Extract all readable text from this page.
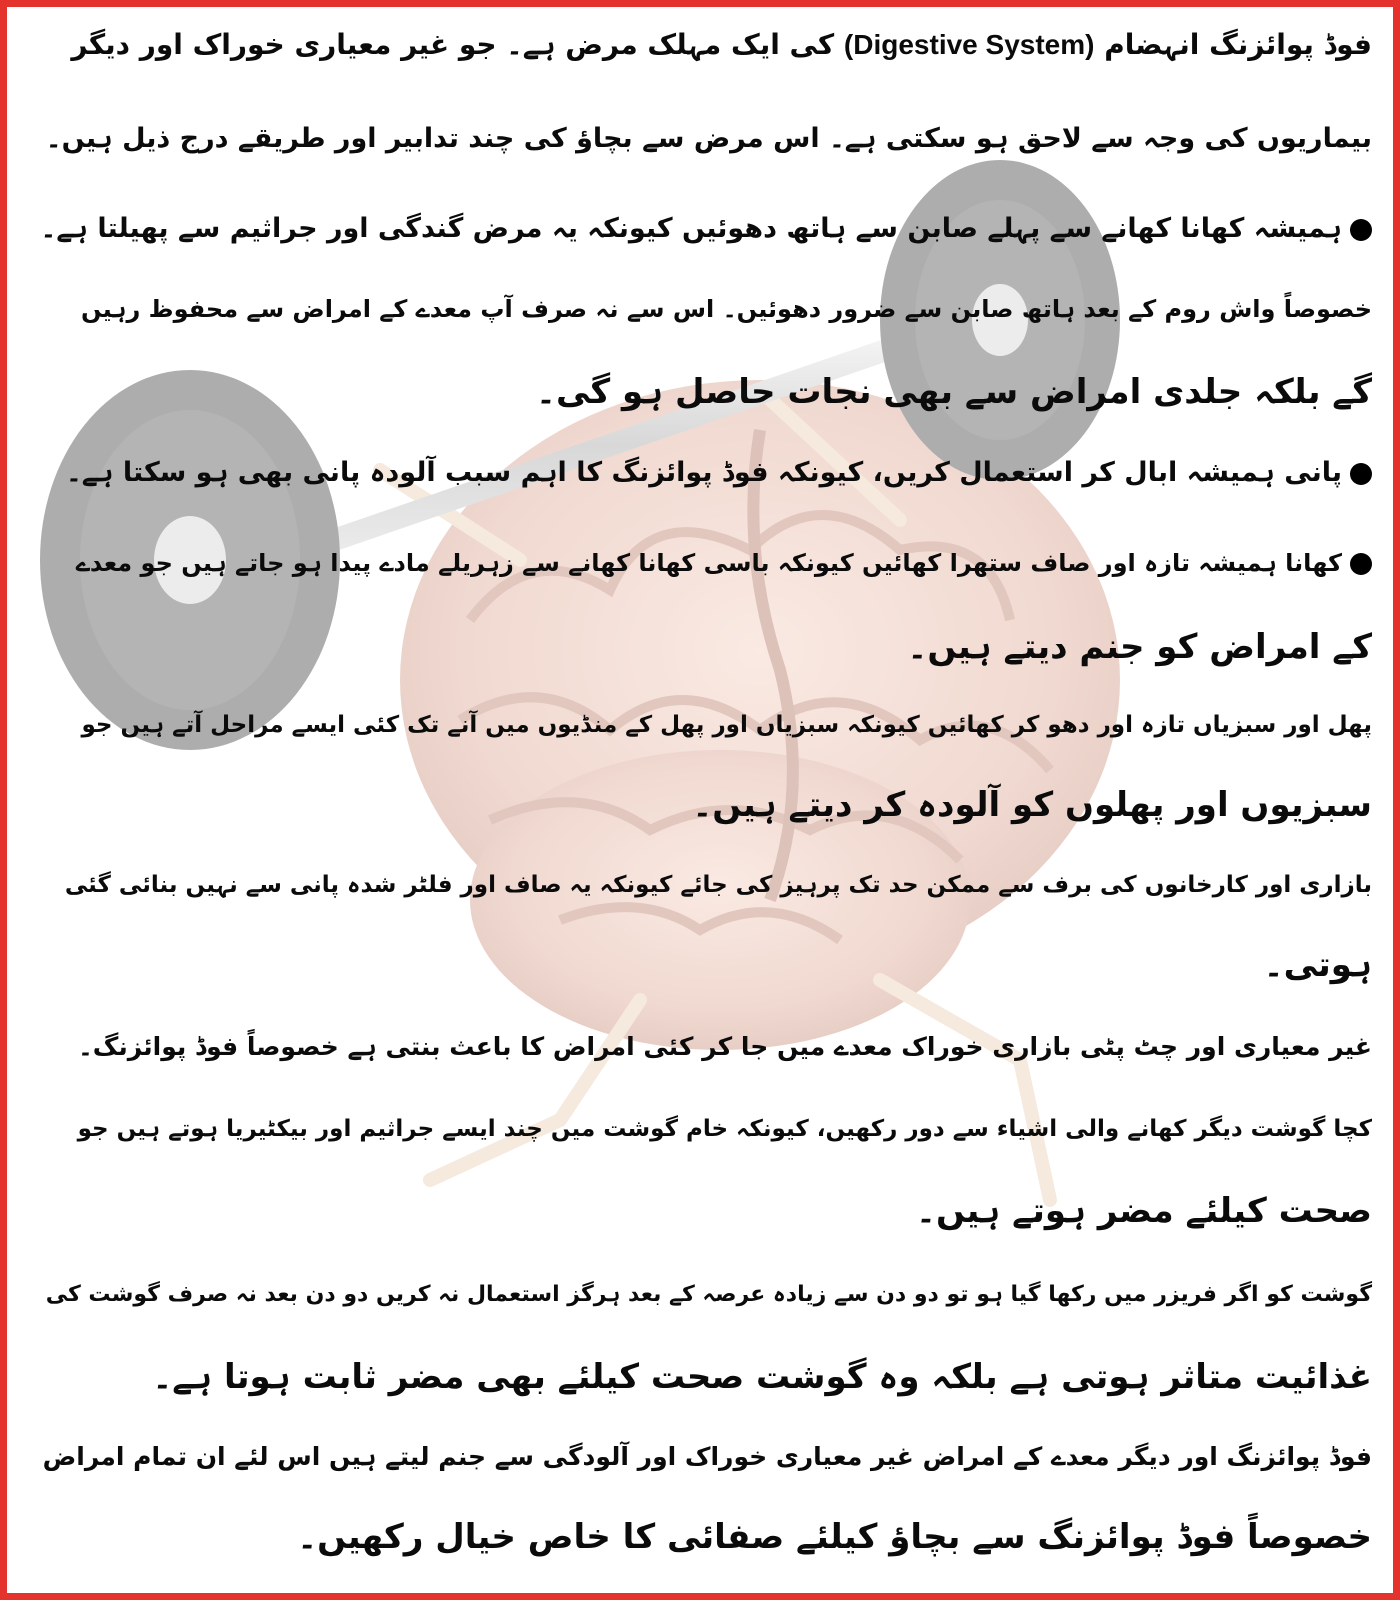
فوڈ پوائزنگ انہضام (Digestive System) کی ایک مہلک مرض ہے۔ جو غیر معیاری خوراک اور دیگر
بیماریوں کی وجہ سے لاحق ہو سکتی ہے۔ اس مرض سے بچاؤ کی چند تدابیر اور طریقے درج ذیل ہیں۔
ہمیشہ کھانا کھانے سے پہلے صابن سے ہاتھ دھوئیں کیونکہ یہ مرض گندگی اور جراثیم سے پھیلتا ہے۔
خصوصاً واش روم کے بعد ہاتھ صابن سے ضرور دھوئیں۔ اس سے نہ صرف آپ معدے کے امراض سے محفوظ رہیں
گے بلکہ جلدی امراض سے بھی نجات حاصل ہو گی۔
پانی ہمیشہ ابال کر استعمال کریں، کیونکہ فوڈ پوائزنگ کا اہم سبب آلودہ پانی بھی ہو سکتا ہے۔
کھانا ہمیشہ تازہ اور صاف ستھرا کھائیں کیونکہ باسی کھانا کھانے سے زہریلے مادے پیدا ہو جاتے ہیں جو معدے
کے امراض کو جنم دیتے ہیں۔
پھل اور سبزیاں تازہ اور دھو کر کھائیں کیونکہ سبزیاں اور پھل کے منڈیوں میں آنے تک کئی ایسے مراحل آتے ہیں جو
سبزیوں اور پھلوں کو آلودہ کر دیتے ہیں۔
بازاری اور کارخانوں کی برف سے ممکن حد تک پرہیز کی جائے کیونکہ یہ صاف اور فلٹر شدہ پانی سے نہیں بنائی گئی
ہوتی۔
غیر معیاری اور چٹ پٹی بازاری خوراک معدے میں جا کر کئی امراض کا باعث بنتی ہے خصوصاً فوڈ پوائزنگ۔
کچا گوشت دیگر کھانے والی اشیاء سے دور رکھیں، کیونکہ خام گوشت میں چند ایسے جراثیم اور بیکٹیریا ہوتے ہیں جو
صحت کیلئے مضر ہوتے ہیں۔
گوشت کو اگر فریزر میں رکھا گیا ہو تو دو دن سے زیادہ عرصہ کے بعد ہرگز استعمال نہ کریں دو دن بعد نہ صرف گوشت کی
غذائیت متاثر ہوتی ہے بلکہ وہ گوشت صحت کیلئے بھی مضر ثابت ہوتا ہے۔
فوڈ پوائزنگ اور دیگر معدے کے امراض غیر معیاری خوراک اور آلودگی سے جنم لیتے ہیں اس لئے ان تمام امراض
خصوصاً فوڈ پوائزنگ سے بچاؤ کیلئے صفائی کا خاص خیال رکھیں۔
